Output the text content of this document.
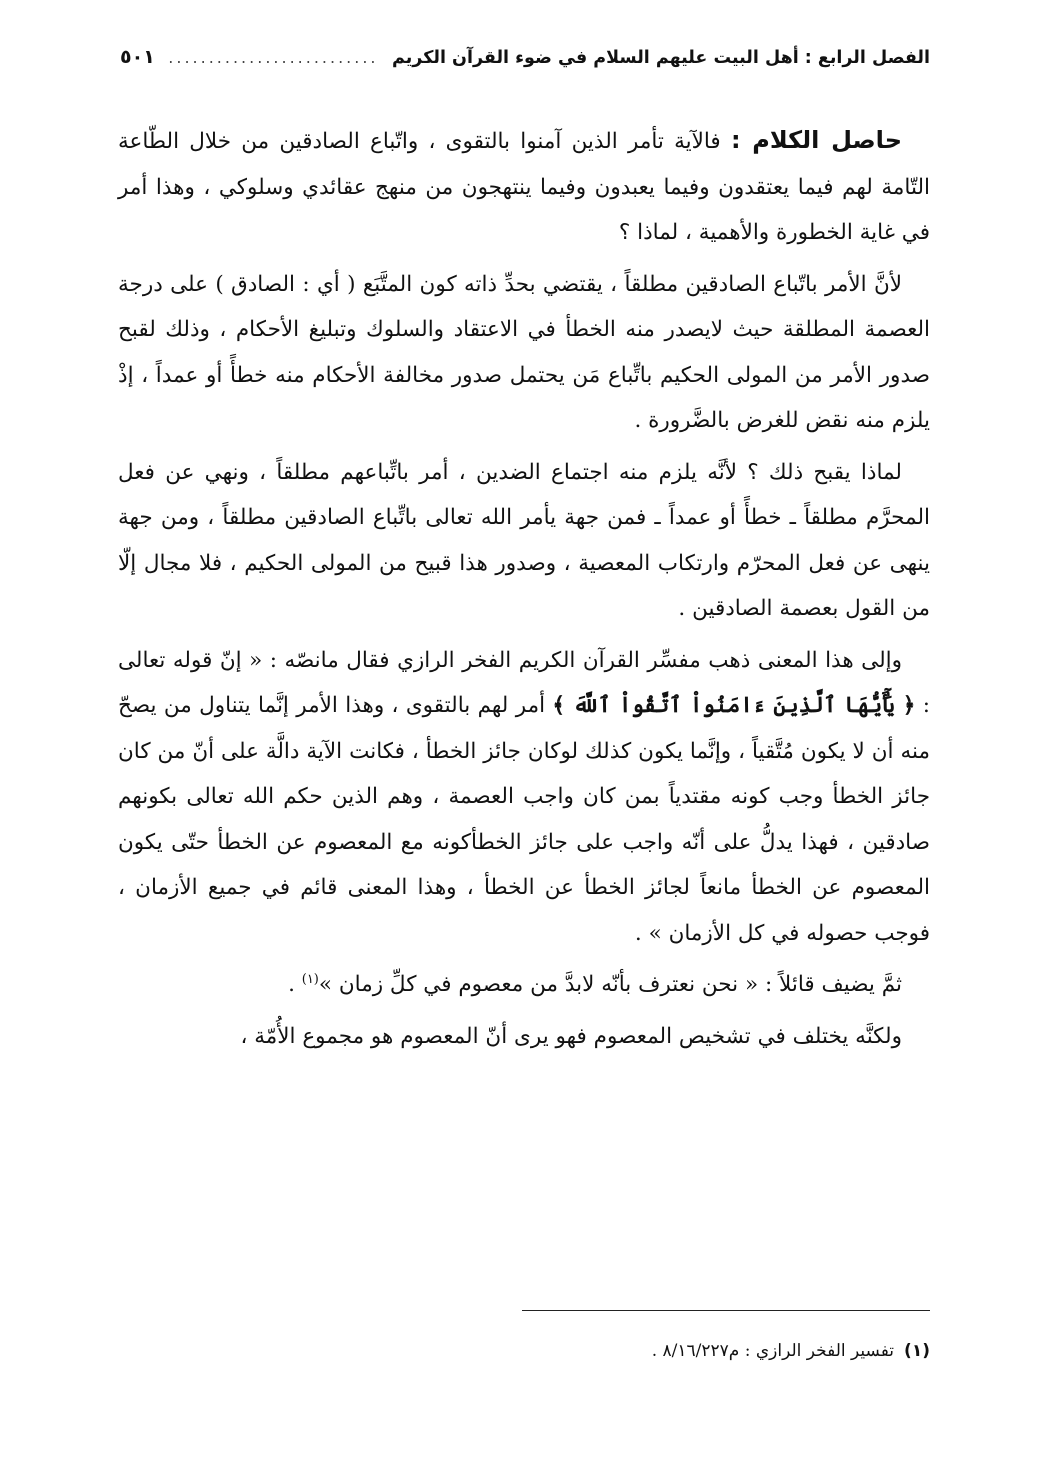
الفصل الرابع : أهل البيت عليهم السلام في ضوء القرآن الكريم
..........................
٥٠١

حاصل الكلام : فالآية تأمر الذين آمنوا بالتقوى ، واتّباع الصادقين من خلال الطّاعة التّامة لهم فيما يعتقدون وفيما يعبدون وفيما ينتهجون من منهج عقائدي وسلوكي ، وهذا أمر في غاية الخطورة والأهمية ، لماذا ؟

لأنَّ الأمر باتّباع الصادقين مطلقاً ، يقتضي بحدِّ ذاته كون المتَّبَع ( أي : الصادق ) على درجة العصمة المطلقة حيث لايصدر منه الخطأ في الاعتقاد والسلوك وتبليغ الأحكام ، وذلك لقبح صدور الأمر من المولى الحكيم باتِّباع مَن يحتمل صدور مخالفة الأحكام منه خطأً أو عمداً ، إذْ يلزم منه نقض للغرض بالضَّرورة .

لماذا يقبح ذلك ؟ لأنَّه يلزم منه اجتماع الضدين ، أمر باتِّباعهم مطلقاً ، ونهي عن فعل المحرَّم مطلقاً ـ خطأً أو عمداً ـ فمن جهة يأمر الله تعالى باتِّباع الصادقين مطلقاً ، ومن جهة ينهى عن فعل المحرّم وارتكاب المعصية ، وصدور هذا قبيح من المولى الحكيم ، فلا مجال إلّا من القول بعصمة الصادقين .

وإلى هذا المعنى ذهب مفسِّر القرآن الكريم الفخر الرازي فقال مانصّه : « إنّ قوله تعالى : ﴿ يَٰٓأَيُّهَا ٱلَّذِينَ ءَامَنُواْ ٱتَّقُواْ ٱللَّهَ ﴾ أمر لهم بالتقوى ، وهذا الأمر إنَّما يتناول من يصحّ منه أن لا يكون مُتَّقياً ، وإنَّما يكون كذلك لوكان جائز الخطأ ، فكانت الآية دالَّة على أنّ من كان جائز الخطأ وجب كونه مقتدياً بمن كان واجب العصمة ، وهم الذين حكم الله تعالى بكونهم صادقين ، فهذا يدلُّ على أنّه واجب على جائز الخطأكونه مع المعصوم عن الخطأ حتّى يكون المعصوم عن الخطأ مانعاً لجائز الخطأ عن الخطأ ، وهذا المعنى قائم في جميع الأزمان ، فوجب حصوله في كل الأزمان » .

ثمَّ يضيف قائلاً : « نحن نعترف بأنّه لابدَّ من معصوم في كلِّ زمان »$^{(١)}$ .

ولكنَّه يختلف في تشخيص المعصوم فهو يرى أنّ المعصوم هو مجموع الأُمّة ،

(١)تفسير الفخر الرازي : م٨/١٦/٢٢٧ .
